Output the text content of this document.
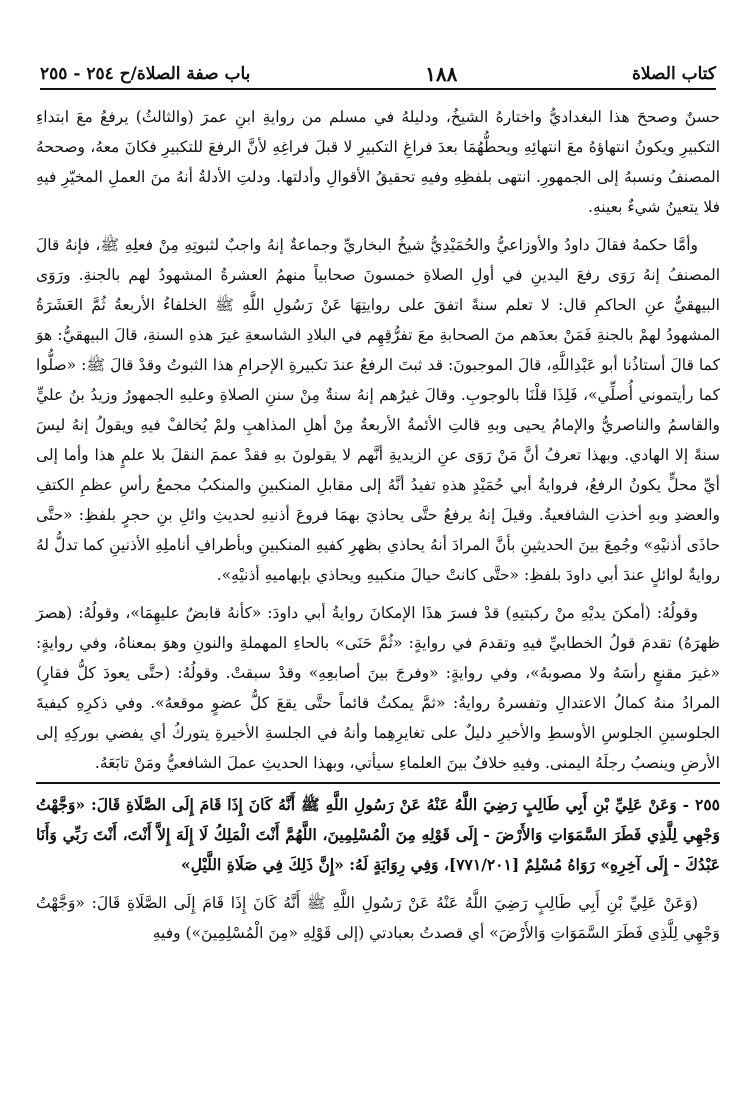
باب صفة الصلاة/ح ٢٥٤ - ٢٥٥	١٨٨	كتاب الصلاة

حسنٌ وصححَ هذا البغداديُّ واختارهُ الشيخُ، ودليلهُ في مسلم من روايةِ ابنِ عمرَ (والثالثُ) يرفعُ معَ ابتداءِ التكبيرِ ويكونُ انتهاؤهُ معَ انتهائِهِ ويحطُّهُمَا بعدَ فراغِ التكبيرِ لا قبلَ فراغِهِ لأنَّ الرفعَ للتكبيرِ فكانَ معهُ، وصححهُ المصنفُ ونسبهُ إلى الجمهورِ. انتهى بلفظِهِ وفيهِ تحقيقُ الأقوالِ وأدلتها. ودلتِ الأدلةُ أنهُ منَ العملِ المخيّرِ فيهِ فلا يتعينُ شيءٌ بعينهِ.

وأمَّا حكمهُ فقالَ داودُ والأوزاعيُّ والحُمَيْدِيُّ شيخُ البخاريِّ وجماعةٌ إنهُ واجبٌ لثبوتِهِ مِنْ فعلِهِ ﷺ، فإنهُ قالَ المصنفُ إنهُ رَوَى رفعَ اليدينِ في أولِ الصلاةِ خمسونَ صحابياً منهمُ العشرةُ المشهودُ لهم بالجنةِ. ورَوَى البيهقيُّ عنِ الحاكمِ قال: لا تعلم سنةً اتفقَ على روايتِهَا عَنْ رَسُولِ اللَّهِ ﷺ الخلفاءُ الأربعةُ ثُمَّ العَشَرَةُ المشهودُ لهمْ بالجنةِ فَمَنْ بعدَهم منَ الصحابةِ معَ تفرُّقِهِم في البلادِ الشاسعةِ غيرَ هذهِ السنةِ، قالَ البيهقيُّ: هوَ كما قالَ أستاذُنا أبو عَبْدِاللَّهِ، قالَ الموجبونَ: قد ثبتَ الرفعُ عندَ تكبيرةِ الإحرامِ هذا الثبوتُ وقدْ قالَ ﷺ: «صلُّوا كما رأيتموني أُصلِّي»، فَلِذَا قلْنَا بالوجوبِ. وقالَ غيرُهم إنهُ سنةٌ مِنْ سننِ الصلاةِ وعليهِ الجمهورُ وزيدُ بنُ عليٍّ والقاسمُ والناصريُّ والإمامُ يحيى وبهِ قالتِ الأئمةُ الأربعةُ مِنْ أهلِ المذاهبِ ولمْ يُخالفْ فيهِ ويقولُ إنهُ ليسَ سنةً إلا الهادي. وبهذا تعرفُ أنَّ مَنْ رَوَى عنِ الزيديةِ أنَّهم لا يقولونَ بهِ فقدْ عممَ النقلَ بلا علمٍ هذا وأما إلى أيِّ محلٍّ يكونُ الرفعُ، فروايةُ أبي حُمَيْدٍ هذهِ تفيدُ أنَّهُ إلى مقابلِ المنكبينِ والمنكبُ مجمعُ رأسِ عظمِ الكتفِ والعضدِ وبهِ أخذتِ الشافعيةُ. وقيلَ إنهُ يرفعُ حتَّى يحاذيَ بهمَا فروعَ أذنيهِ لحديثِ وائلِ بنِ حجرٍ بلفظِ: «حتَّى حاذَى أذنيْهِ» وجُمِعَ بينَ الحديثينِ بأنَّ المرادَ أنهُ يحاذي بظهرِ كفيهِ المنكبينِ وبأطرافِ أناملِهِ الأذنينِ كما تدلُّ لهُ روايةٌ لوائلٍ عندَ أبي داودَ بلفظِ: «حتَّى كانتْ حيالَ منكبيهِ ويحاذي بإبهاميهِ أذنيْهِ».

وقولُهُ: (أمكنَ يديْهِ منْ ركبتيهِ) قدْ فسرَ هذَا الإمكانَ روايةُ أبي داودَ: «كأنهُ قابضٌ عليهِمَا»، وقولُهُ: (هصرَ ظهرَهُ) تقدمَ قولُ الخطابيِّ فيهِ وتقدمَ في روايةٍ: «ثُمَّ حَنَى» بالحاءِ المهملةِ والنونِ وهوَ بمعناهُ، وفي روايةٍ: «غيرَ مقنعٍ رأسَهُ ولا مصوبهُ»، وفي روايةٍ: «وفرجَ بينَ أصابعِهِ» وقدْ سبقتْ. وقولُهُ: (حتَّى يعودَ كلُّ فقارٍ) المرادُ منهُ كمالُ الاعتدالِ وتفسرهُ روايةُ: «ثمَّ يمكثُ قائماً حتَّى يقعَ كلُّ عضوٍ موقعهُ». وفي ذكرِهِ كيفيةَ الجلوسينِ الجلوسِ الأوسطِ والأخيرِ دليلٌ على تغايرِهِما وأنهُ في الجلسةِ الأخيرةِ يتوركُ أي يفضي بوركِهِ إلى الأرضِ وينصبُ رجلَهُ اليمنى. وفيهِ خلافٌ بينَ العلماءِ سيأتي، وبهذا الحديثِ عملَ الشافعيُّ ومَنْ تابَعَهُ.

٢٥٥ - وَعَنْ عَلِيِّ بْنِ أَبِي طَالِبٍ رَضِيَ اللَّهُ عَنْهُ عَنْ رَسُولِ اللَّهِ ﷺ أَنَّهُ كَانَ إِذَا قَامَ إِلَى الصَّلَاةِ قَالَ: «وَجَّهْتُ وَجْهِي لِلَّذِي فَطَرَ السَّمَوَاتِ وَالأَرْضَ - إِلَى قَوْلِهِ مِنَ الْمُسْلِمِينَ، اللَّهُمَّ أَنْتَ الْمَلِكُ لَا إِلَهَ إِلاَّ أَنْتَ، أَنْتَ رَبِّي وَأَنَا عَبْدُكَ - إِلَى آخِرِهِ» رَوَاهُ مُسْلِمٌ [٧٧١/٢٠١]، وَفِي رِوَايَةٍ لَهُ: «إِنَّ ذَلِكَ فِي صَلَاةِ اللَّيْلِ»

(وَعَنْ عَلِيِّ بْنِ أَبِي طَالِبٍ رَضِيَ اللَّهُ عَنْهُ عَنْ رَسُولِ اللَّهِ ﷺ أَنَّهُ كَانَ إِذَا قَامَ إِلَى الصَّلَاةِ قَالَ: «وَجَّهْتُ وَجْهِي لِلَّذِي فَطَرَ السَّمَوَاتِ وَالأَرْضَ» أي قصدتُ بعبادتي (إلى قَوْلِهِ «مِنَ الْمُسْلِمِينَ») وفيهِ
